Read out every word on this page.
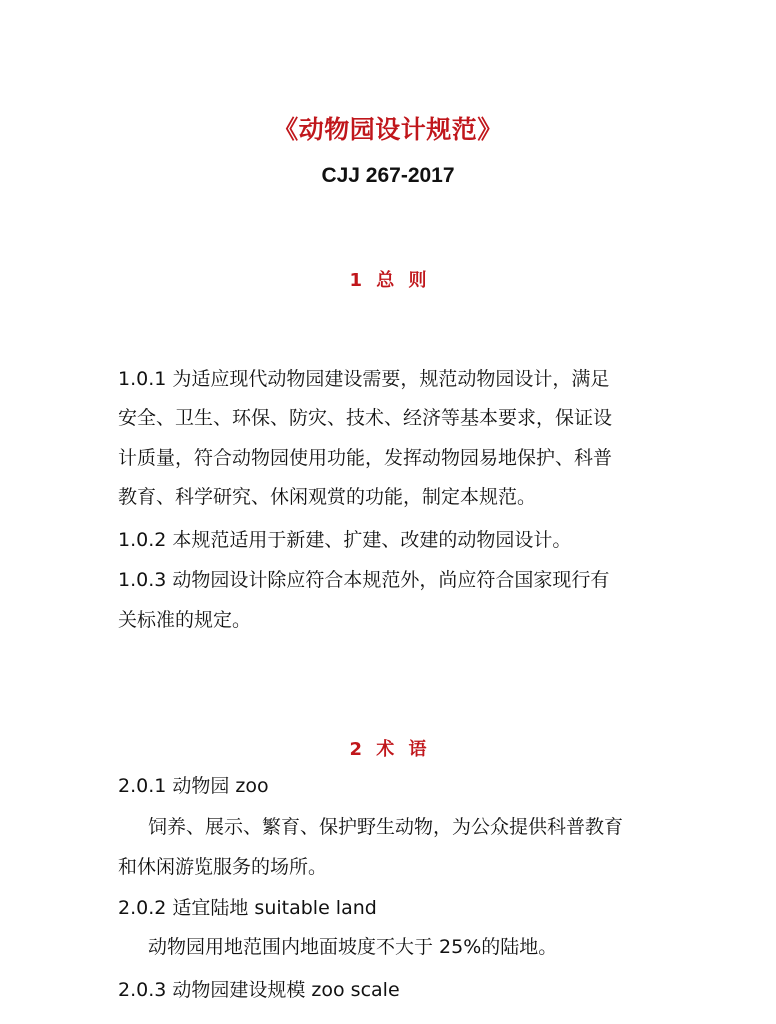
《动物园设计规范》
CJJ 267-2017
1 总 则
1.0.1 为适应现代动物园建设需要，规范动物园设计，满足
安全、卫生、环保、防灾、技术、经济等基本要求，保证设
计质量，符合动物园使用功能，发挥动物园易地保护、科普
教育、科学研究、休闲观赏的功能，制定本规范。
1.0.2 本规范适用于新建、扩建、改建的动物园设计。
1.0.3 动物园设计除应符合本规范外，尚应符合国家现行有
关标准的规定。
2 术 语
2.0.1 动物园 zoo
饲养、展示、繁育、保护野生动物，为公众提供科普教育
和休闲游览服务的场所。
2.0.2 适宜陆地 suitable land
动物园用地范围内地面坡度不大于 25%的陆地。
2.0.3 动物园建设规模 zoo scale
